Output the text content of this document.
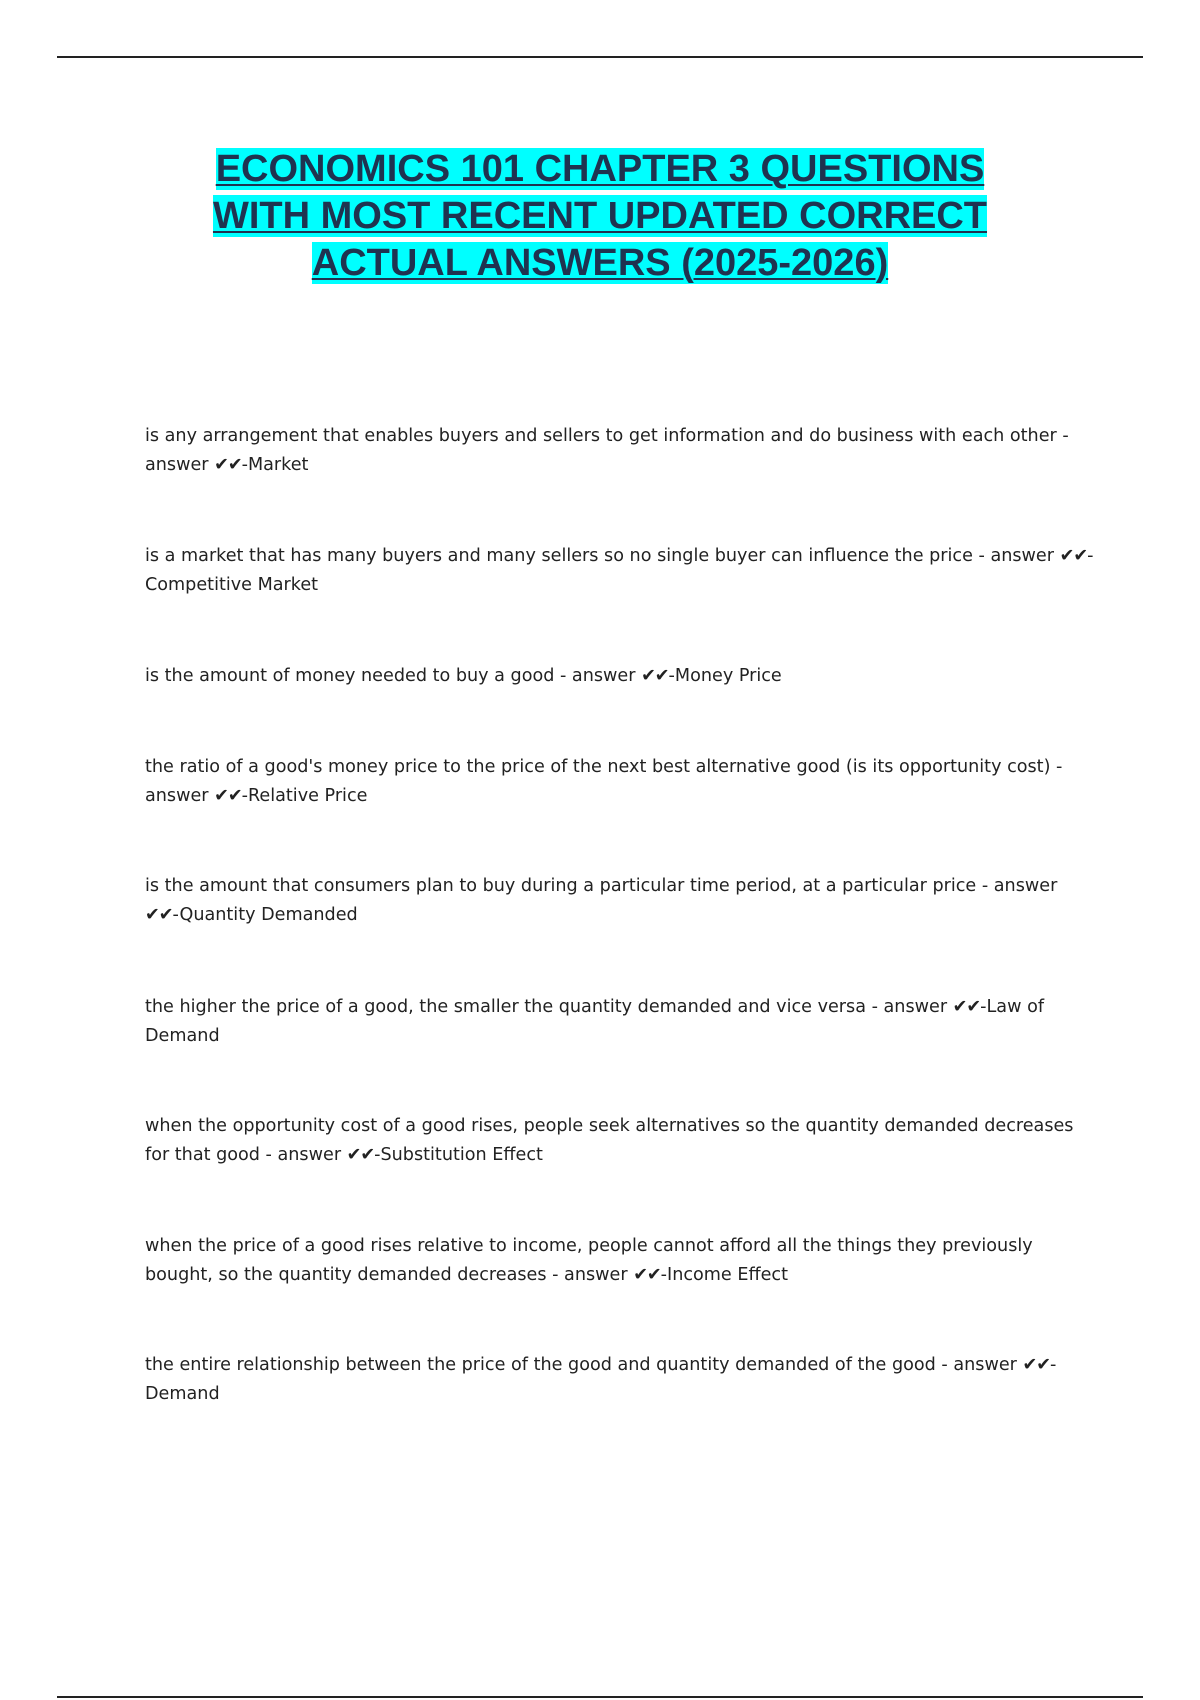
ECONOMICS 101 CHAPTER 3 QUESTIONS
WITH MOST RECENT UPDATED CORRECT
ACTUAL ANSWERS (2025-2026)
is any arrangement that enables buyers and sellers to get information and do business with each other - answer ✔✔-Market
is a market that has many buyers and many sellers so no single buyer can influence the price - answer ✔✔-Competitive Market
is the amount of money needed to buy a good - answer ✔✔-Money Price
the ratio of a good's money price to the price of the next best alternative good (is its opportunity cost) - answer ✔✔-Relative Price
is the amount that consumers plan to buy during a particular time period, at a particular price - answer ✔✔-Quantity Demanded
the higher the price of a good, the smaller the quantity demanded and vice versa - answer ✔✔-Law of Demand
when the opportunity cost of a good rises, people seek alternatives so the quantity demanded decreases for that good - answer ✔✔-Substitution Effect
when the price of a good rises relative to income, people cannot afford all the things they previously bought, so the quantity demanded decreases - answer ✔✔-Income Effect
the entire relationship between the price of the good and quantity demanded of the good - answer ✔✔-Demand
